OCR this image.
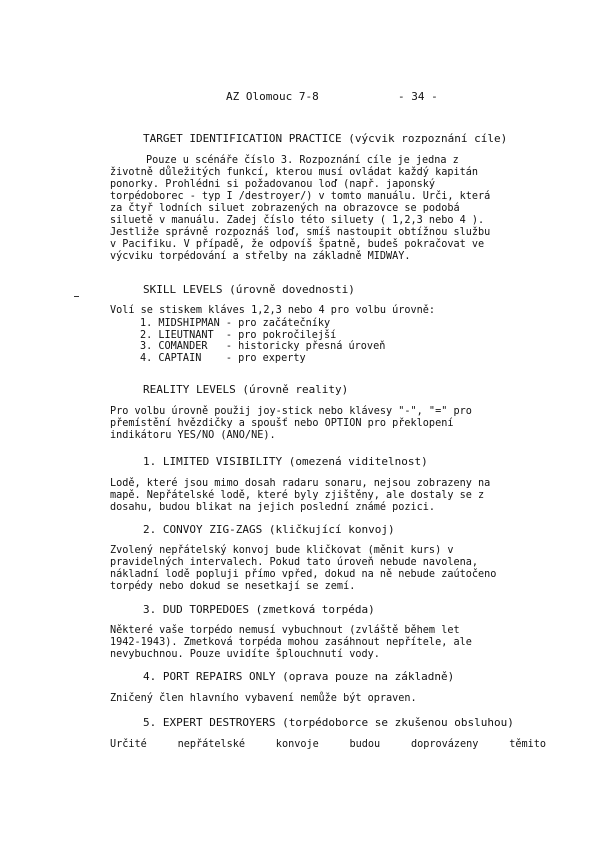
AZ Olomouc 7-8	- 34 -
TARGET IDENTIFICATION PRACTICE (výcvik rozpoznání cíle)

Pouze u scénáře číslo 3. Rozpoznání cíle je jedna z

životně důležitých funkcí, kterou musí ovládat každý kapitán

ponorky. Prohlédni si požadovanou loď (např. japonský

torpédoborec - typ I /destroyer/) v tomto manuálu. Urči, která

za čtyř lodních siluet zobrazených na obrazovce se podobá

siluetě v manuálu. Zadej číslo této siluety ( 1,2,3 nebo 4 ).

Jestliže správně rozpoznáš loď, smíš nastoupit obtížnou službu

v Pacifiku. V případě, že odpovíš špatně, budeš pokračovat ve

výcviku torpédování a střelby na základně MIDWAY.

SKILL LEVELS (úrovně dovednosti)

Volí se stiskem kláves 1,2,3 nebo 4 pro volbu úrovně:

1. MIDSHIPMAN - pro začátečníky
2. LIEUTNANT  - pro pokročilejší
3. COMANDER   - historicky přesná úroveň
4. CAPTAIN    - pro experty
REALITY LEVELS (úrovně reality)

Pro volbu úrovně použij joy-stick nebo klávesy "-", "=" pro

přemístění hvězdičky a spoušť nebo OPTION pro překlopení

indikátoru YES/NO (ANO/NE).

1. LIMITED VISIBILITY (omezená viditelnost)

Lodě, které jsou mimo dosah radaru sonaru, nejsou zobrazeny na

mapě. Nepřátelské lodě, které byly zjištěny, ale dostaly se z

dosahu, budou blikat na jejich poslední známé pozici.

2. CONVOY ZIG-ZAGS (kličkující konvoj)

Zvolený nepřátelský konvoj bude kličkovat (měnit kurs) v

pravidelných intervalech. Pokud tato úroveň nebude navolena,

nákladní lodě popluji přímo vpřed, dokud na ně nebude zaútočeno

torpédy nebo dokud se nesetkají se zemí.

3. DUD TORPEDOES (zmetková torpéda)

Některé vaše torpédo nemusí vybuchnout (zvláště během let

1942-1943). Zmetková torpéda mohou zasáhnout nepřítele, ale

nevybuchnou. Pouze uvidíte šplouchnutí vody.

4. PORT REPAIRS ONLY (oprava pouze na základně)

Zničený člen hlavního vybavení nemůže být opraven.

5. EXPERT DESTROYERS (torpédoborce se zkušenou obsluhou)

Určité nepřátelské konvoje budou doprovázeny těmito
